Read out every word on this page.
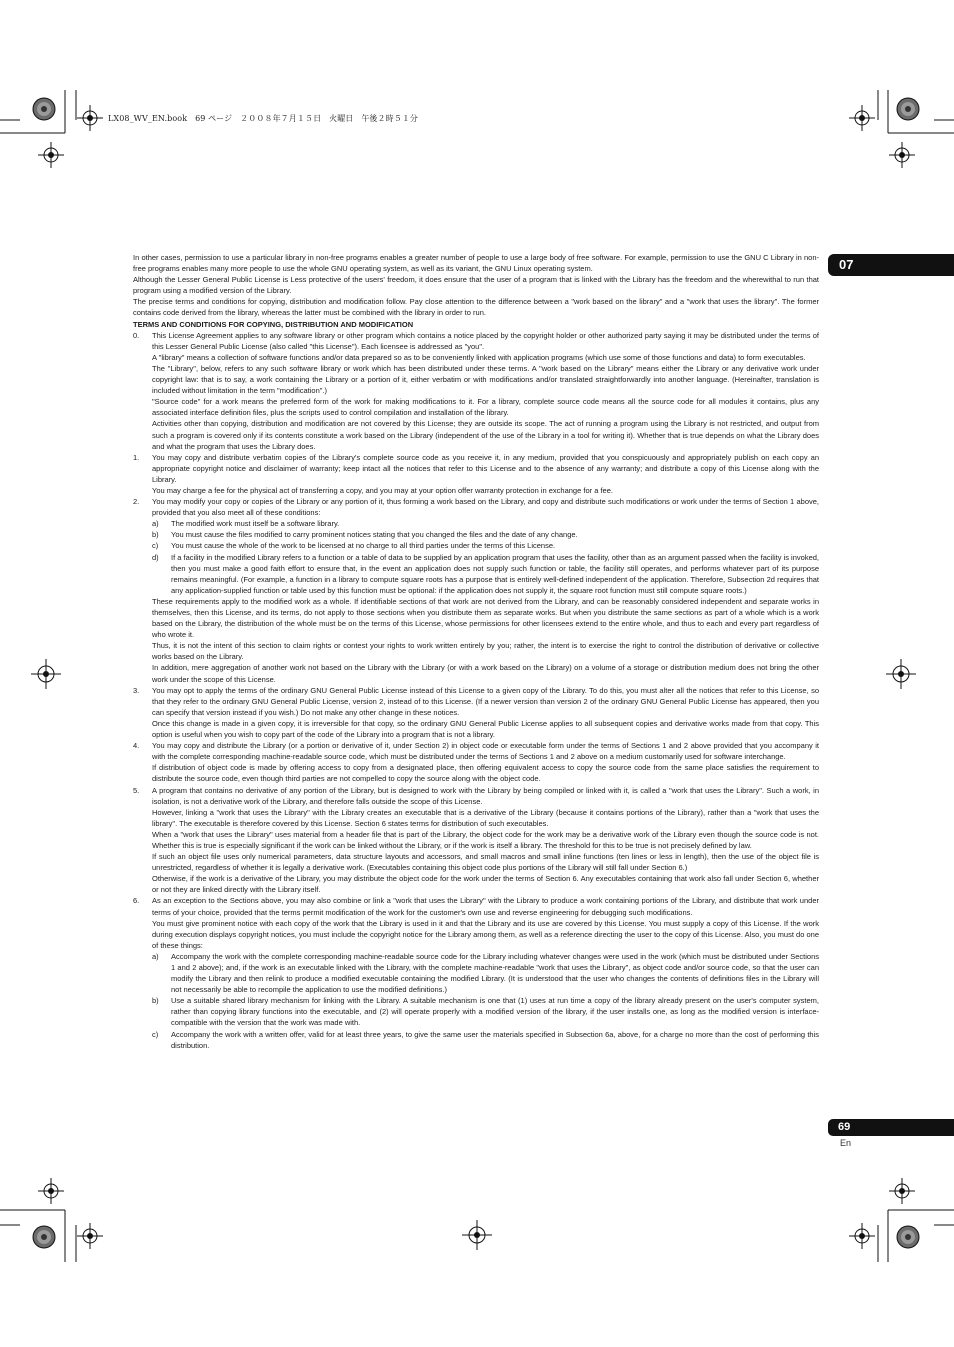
LX08_WV_EN.book   69 ページ   ２００８年７月１５日   火曜日   午後２時５１分
07
69
En

In other cases, permission to use a particular library in non-free programs enables a greater number of people to use a large body of free software. For example, permission to use the GNU C Library in non-free programs enables many more people to use the whole GNU operating system, as well as its variant, the GNU Linux operating system.

Although the Lesser General Public License is Less protective of the users' freedom, it does ensure that the user of a program that is linked with the Library has the freedom and the wherewithal to run that program using a modified version of the Library.

The precise terms and conditions for copying, distribution and modification follow. Pay close attention to the difference between a "work based on the library" and a "work that uses the library". The former contains code derived from the library, whereas the latter must be combined with the library in order to run.

TERMS AND CONDITIONS FOR COPYING, DISTRIBUTION AND MODIFICATION

0. This License Agreement applies to any software library or other program which contains a notice placed by the copyright holder or other authorized party saying it may be distributed under the terms of this Lesser General Public License (also called "this License"). Each licensee is addressed as "you".

A "library" means a collection of software functions and/or data prepared so as to be conveniently linked with application programs (which use some of those functions and data) to form executables.

The "Library", below, refers to any such software library or work which has been distributed under these terms. A "work based on the Library" means either the Library or any derivative work under copyright law: that is to say, a work containing the Library or a portion of it, either verbatim or with modifications and/or translated straightforwardly into another language. (Hereinafter, translation is included without limitation in the term "modification".)

"Source code" for a work means the preferred form of the work for making modifications to it. For a library, complete source code means all the source code for all modules it contains, plus any associated interface definition files, plus the scripts used to control compilation and installation of the library.

Activities other than copying, distribution and modification are not covered by this License; they are outside its scope. The act of running a program using the Library is not restricted, and output from such a program is covered only if its contents constitute a work based on the Library (independent of the use of the Library in a tool for writing it). Whether that is true depends on what the Library does and what the program that uses the Library does.

1. You may copy and distribute verbatim copies of the Library's complete source code as you receive it, in any medium, provided that you conspicuously and appropriately publish on each copy an appropriate copyright notice and disclaimer of warranty; keep intact all the notices that refer to this License and to the absence of any warranty; and distribute a copy of this License along with the Library.

You may charge a fee for the physical act of transferring a copy, and you may at your option offer warranty protection in exchange for a fee.

2. You may modify your copy or copies of the Library or any portion of it, thus forming a work based on the Library, and copy and distribute such modifications or work under the terms of Section 1 above, provided that you also meet all of these conditions:

a) The modified work must itself be a software library.

b) You must cause the files modified to carry prominent notices stating that you changed the files and the date of any change.

c) You must cause the whole of the work to be licensed at no charge to all third parties under the terms of this License.

d) If a facility in the modified Library refers to a function or a table of data to be supplied by an application program that uses the facility, other than as an argument passed when the facility is invoked, then you must make a good faith effort to ensure that, in the event an application does not supply such function or table, the facility still operates, and performs whatever part of its purpose remains meaningful. (For example, a function in a library to compute square roots has a purpose that is entirely well-defined independent of the application. Therefore, Subsection 2d requires that any application-supplied function or table used by this function must be optional: if the application does not supply it, the square root function must still compute square roots.)

These requirements apply to the modified work as a whole. If identifiable sections of that work are not derived from the Library, and can be reasonably considered independent and separate works in themselves, then this License, and its terms, do not apply to those sections when you distribute them as separate works. But when you distribute the same sections as part of a whole which is a work based on the Library, the distribution of the whole must be on the terms of this License, whose permissions for other licensees extend to the entire whole, and thus to each and every part regardless of who wrote it.

Thus, it is not the intent of this section to claim rights or contest your rights to work written entirely by you; rather, the intent is to exercise the right to control the distribution of derivative or collective works based on the Library.

In addition, mere aggregation of another work not based on the Library with the Library (or with a work based on the Library) on a volume of a storage or distribution medium does not bring the other work under the scope of this License.

3. You may opt to apply the terms of the ordinary GNU General Public License instead of this License to a given copy of the Library. To do this, you must alter all the notices that refer to this License, so that they refer to the ordinary GNU General Public License, version 2, instead of to this License. (If a newer version than version 2 of the ordinary GNU General Public License has appeared, then you can specify that version instead if you wish.) Do not make any other change in these notices.

Once this change is made in a given copy, it is irreversible for that copy, so the ordinary GNU General Public License applies to all subsequent copies and derivative works made from that copy. This option is useful when you wish to copy part of the code of the Library into a program that is not a library.

4. You may copy and distribute the Library (or a portion or derivative of it, under Section 2) in object code or executable form under the terms of Sections 1 and 2 above provided that you accompany it with the complete corresponding machine-readable source code, which must be distributed under the terms of Sections 1 and 2 above on a medium customarily used for software interchange.

If distribution of object code is made by offering access to copy from a designated place, then offering equivalent access to copy the source code from the same place satisfies the requirement to distribute the source code, even though third parties are not compelled to copy the source along with the object code.

5. A program that contains no derivative of any portion of the Library, but is designed to work with the Library by being compiled or linked with it, is called a "work that uses the Library". Such a work, in isolation, is not a derivative work of the Library, and therefore falls outside the scope of this License.

However, linking a "work that uses the Library" with the Library creates an executable that is a derivative of the Library (because it contains portions of the Library), rather than a "work that uses the library". The executable is therefore covered by this License. Section 6 states terms for distribution of such executables.

When a "work that uses the Library" uses material from a header file that is part of the Library, the object code for the work may be a derivative work of the Library even though the source code is not. Whether this is true is especially significant if the work can be linked without the Library, or if the work is itself a library. The threshold for this to be true is not precisely defined by law.

If such an object file uses only numerical parameters, data structure layouts and accessors, and small macros and small inline functions (ten lines or less in length), then the use of the object file is unrestricted, regardless of whether it is legally a derivative work. (Executables containing this object code plus portions of the Library will still fall under Section 6.)

Otherwise, if the work is a derivative of the Library, you may distribute the object code for the work under the terms of Section 6. Any executables containing that work also fall under Section 6, whether or not they are linked directly with the Library itself.

6. As an exception to the Sections above, you may also combine or link a "work that uses the Library" with the Library to produce a work containing portions of the Library, and distribute that work under terms of your choice, provided that the terms permit modification of the work for the customer's own use and reverse engineering for debugging such modifications.

You must give prominent notice with each copy of the work that the Library is used in it and that the Library and its use are covered by this License. You must supply a copy of this License. If the work during execution displays copyright notices, you must include the copyright notice for the Library among them, as well as a reference directing the user to the copy of this License. Also, you must do one of these things:

a) Accompany the work with the complete corresponding machine-readable source code for the Library including whatever changes were used in the work (which must be distributed under Sections 1 and 2 above); and, if the work is an executable linked with the Library, with the complete machine-readable "work that uses the Library", as object code and/or source code, so that the user can modify the Library and then relink to produce a modified executable containing the modified Library. (It is understood that the user who changes the contents of definitions files in the Library will not necessarily be able to recompile the application to use the modified definitions.)

b) Use a suitable shared library mechanism for linking with the Library. A suitable mechanism is one that (1) uses at run time a copy of the library already present on the user's computer system, rather than copying library functions into the executable, and (2) will operate properly with a modified version of the library, if the user installs one, as long as the modified version is interface-compatible with the version that the work was made with.

c) Accompany the work with a written offer, valid for at least three years, to give the same user the materials specified in Subsection 6a, above, for a charge no more than the cost of performing this distribution.
